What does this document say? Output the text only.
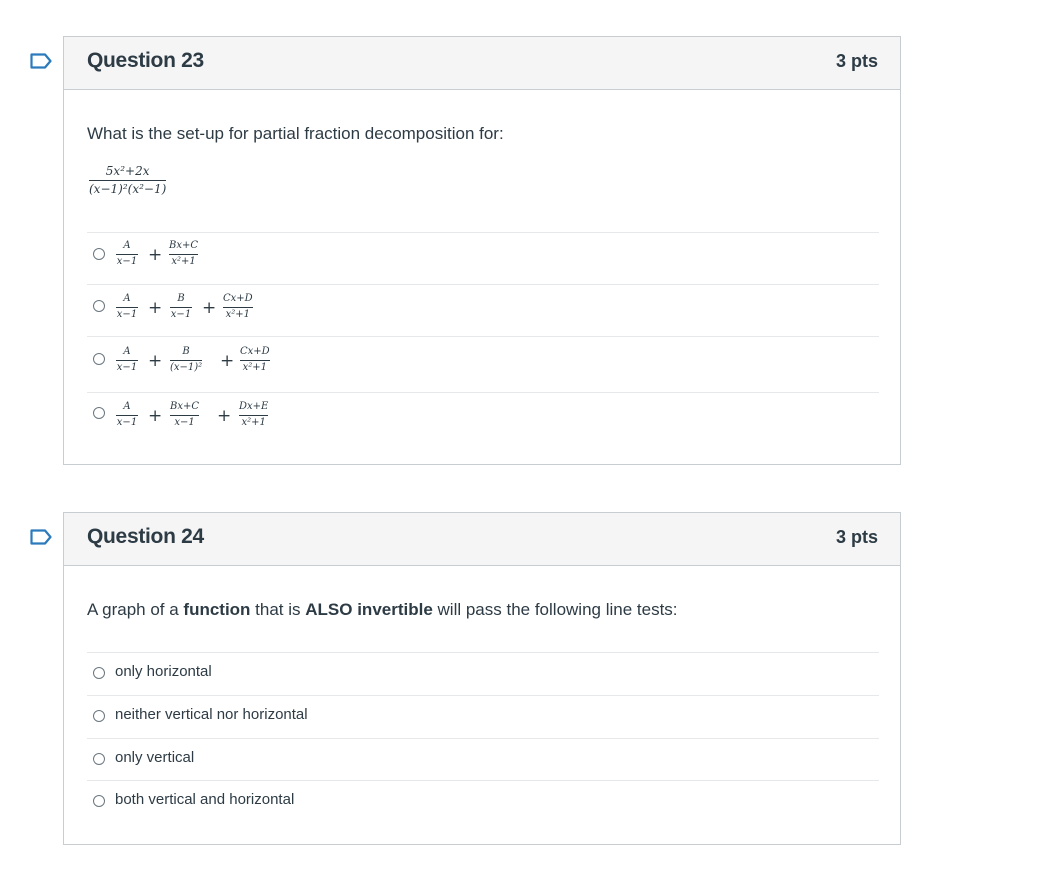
Question 23	3 pts
What is the set-up for partial fraction decomposition for:
5x²+2x
(x−1)²(x²−1)
A
x−1 + Bx+C
x²+1
A
x−1 +	B
x−1 + Cx+D
x²+1
A
x−1 +	B
(x−1)² + Cx+D
x²+1
A
x−1 + Bx+C
x−1 + Dx+E
x²+1
Question 24	3 pts
A graph of a function that is ALSO invertible will pass the following line tests:
only horizontal
neither vertical nor horizontal
only vertical
both vertical and horizontal
